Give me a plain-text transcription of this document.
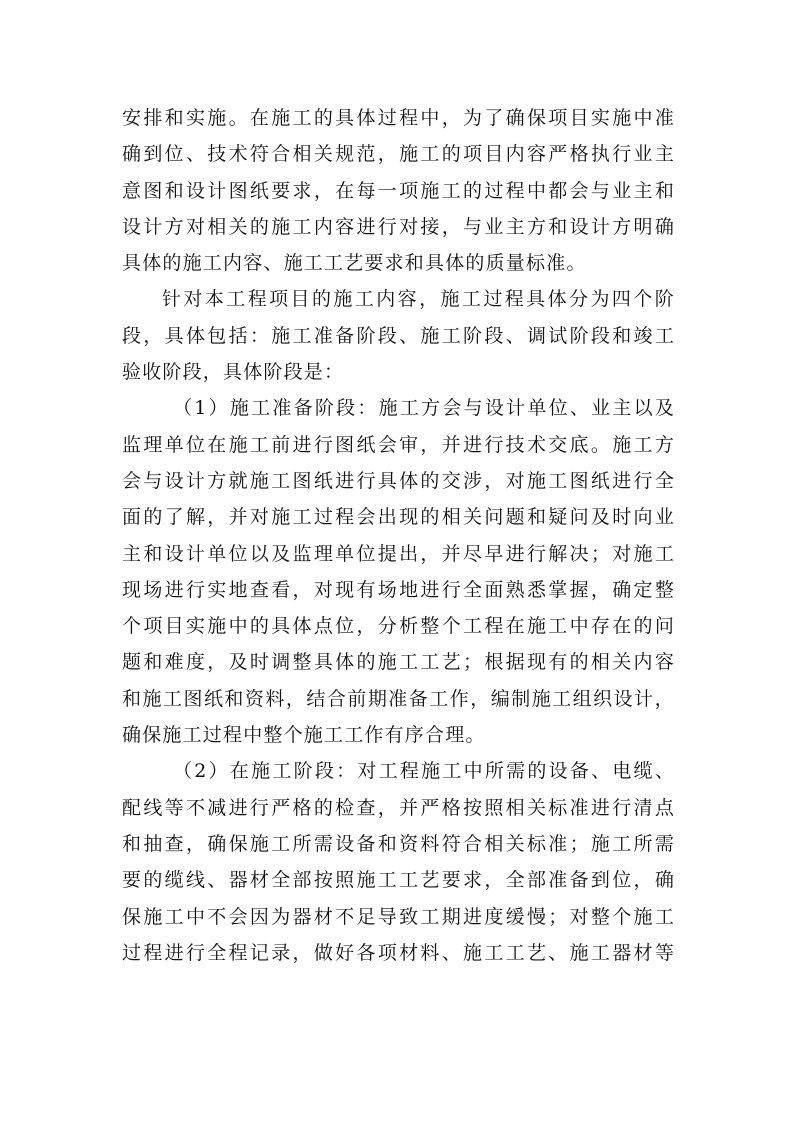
安 排 和 实 施 。 在 施 工 的 具 体 过 程 中 ， 为 了 确 保 项 目 实 施 中 准
确 到 位 、 技 术 符 合 相 关 规 范 ， 施 工 的 项 目 内 容 严 格 执 行 业 主
意 图 和 设 计 图 纸 要 求 ， 在 每 一 项 施 工 的 过 程 中 都 会 与 业 主 和
设 计 方 对 相 关 的 施 工 内 容 进 行 对 接 ， 与 业 主 方 和 设 计 方 明 确
具体的施工内容、施工工艺要求和具体的质量标准。
针 对 本 工 程 项 目 的 施 工 内 容 ， 施 工 过 程 具 体 分 为 四 个 阶
段 ， 具 体 包 括 ： 施 工 准 备 阶 段 、 施 工 阶 段 、 调 试 阶 段 和 竣 工
验收阶段，具体阶段是：
（ 1 ） 施 工 准 备 阶 段 ： 施 工 方 会 与 设 计 单 位 、 业 主 以 及
监 理 单 位 在 施 工 前 进 行 图 纸 会 审 ， 并 进 行 技 术 交 底 。 施 工 方
会 与 设 计 方 就 施 工 图 纸 进 行 具 体 的 交 涉 ， 对 施 工 图 纸 进 行 全
面 的 了 解 ， 并 对 施 工 过 程 会 出 现 的 相 关 问 题 和 疑 问 及 时 向 业
主 和 设 计 单 位 以 及 监 理 单 位 提 出 ， 并 尽 早 进 行 解 决 ； 对 施 工
现 场 进 行 实 地 查 看 ， 对 现 有 场 地 进 行 全 面 熟 悉 掌 握 ， 确 定 整
个 项 目 实 施 中 的 具 体 点 位 ， 分 析 整 个 工 程 在 施 工 中 存 在 的 问
题 和 难 度 ， 及 时 调 整 具 体 的 施 工 工 艺 ； 根 据 现 有 的 相 关 内 容
和 施 工 图 纸 和 资 料 ， 结 合 前 期 准 备 工 作 ， 编 制 施 工 组 织 设 计 ，
确保施工过程中整个施工工作有序合理。
（ 2 ） 在 施 工 阶 段 ： 对 工 程 施 工 中 所 需 的 设 备 、 电 缆 、
配 线 等 不 减 进 行 严 格 的 检 查 ， 并 严 格 按 照 相 关 标 准 进 行 清 点
和 抽 查 ， 确 保 施 工 所 需 设 备 和 资 料 符 合 相 关 标 准 ； 施 工 所 需
要 的 缆 线 、 器 材 全 部 按 照 施 工 工 艺 要 求 ， 全 部 准 备 到 位 ， 确
保 施 工 中 不 会 因 为 器 材 不 足 导 致 工 期 进 度 缓 慢 ； 对 整 个 施 工
过 程 进 行 全 程 记 录 ， 做 好 各 项 材 料 、 施 工 工 艺 、 施 工 器 材 等
